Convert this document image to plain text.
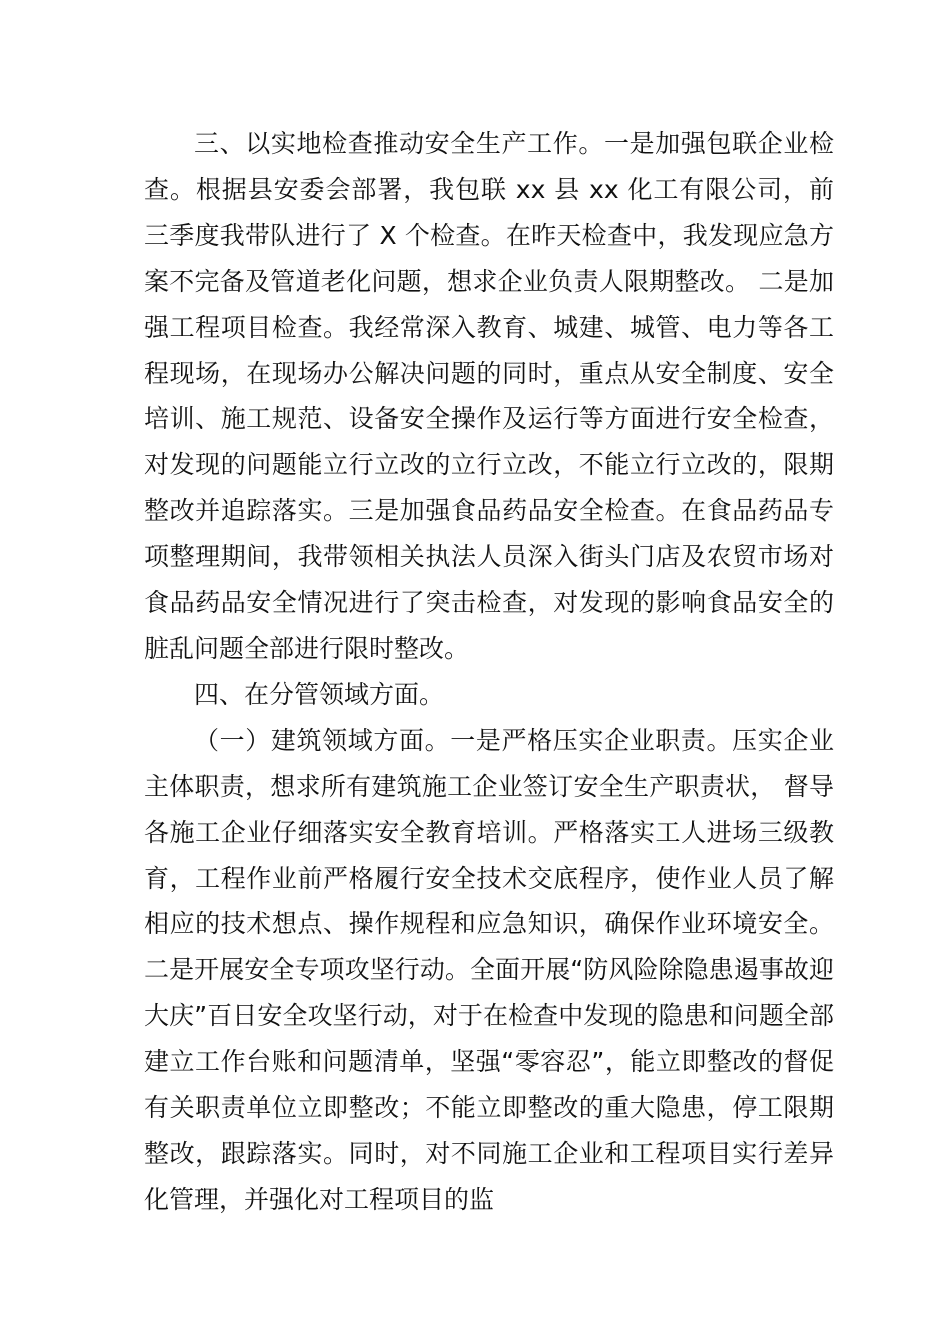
三、以实地检查推动安全生产工作。一是加强包联企业检查。根据县安委会部署，我包联 xx 县 xx 化工有限公司，前三季度我带队进行了 X 个检查。在昨天检查中，我发现应急方案不完备及管道老化问题，想求企业负责人限期整改。 二是加强工程项目检查。我经常深入教育、城建、城管、电力等各工程现场，在现场办公解决问题的同时，重点从安全制度、安全培训、施工规范、设备安全操作及运行等方面进行安全检查，对发现的问题能立行立改的立行立改，不能立行立改的，限期整改并追踪落实。三是加强食品药品安全检查。在食品药品专项整理期间，我带领相关执法人员深入街头门店及农贸市场对食品药品安全情况进行了突击检查，对发现的影响食品安全的脏乱问题全部进行限时整改。

四、在分管领域方面。

（一）建筑领域方面。一是严格压实企业职责。压实企业主体职责，想求所有建筑施工企业签订安全生产职责状， 督导各施工企业仔细落实安全教育培训。严格落实工人进场三级教育，工程作业前严格履行安全技术交底程序，使作业人员了解相应的技术想点、操作规程和应急知识，确保作业环境安全。二是开展安全专项攻坚行动。全面开展“防风险除隐患遏事故迎大庆”百日安全攻坚行动，对于在检查中发现的隐患和问题全部建立工作台账和问题清单，坚强“零容忍”，能立即整改的督促有关职责单位立即整改；不能立即整改的重大隐患，停工限期整改，跟踪落实。同时，对不同施工企业和工程项目实行差异化管理，并强化对工程项目的监
